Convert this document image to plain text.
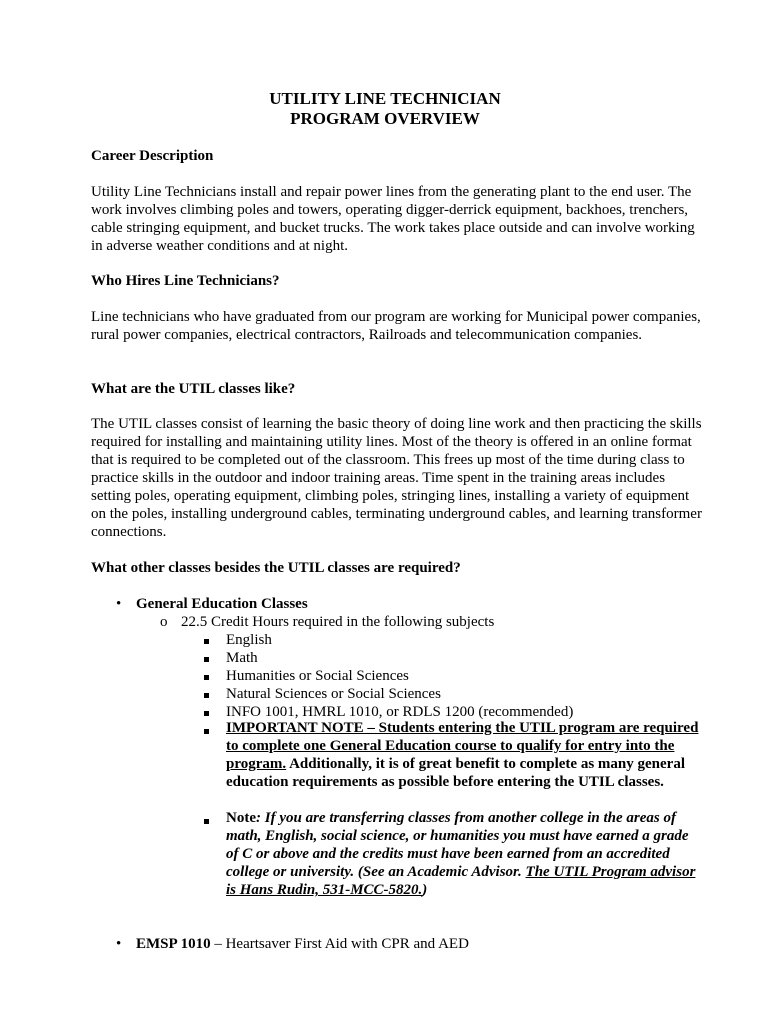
UTILITY LINE TECHNICIAN
PROGRAM OVERVIEW
Career Description
Utility Line Technicians install and repair power lines from the generating plant to the end user. The work involves climbing poles and towers, operating digger-derrick equipment, backhoes, trenchers, cable stringing equipment, and bucket trucks. The work takes place outside and can involve working in adverse weather conditions and at night.
Who Hires Line Technicians?
Line technicians who have graduated from our program are working for Municipal power companies, rural power companies, electrical contractors, Railroads and telecommunication companies.
What are the UTIL classes like?
The UTIL classes consist of learning the basic theory of doing line work and then practicing the skills required for installing and maintaining utility lines. Most of the theory is offered in an online format that is required to be completed out of the classroom. This frees up most of the time during class to practice skills in the outdoor and indoor training areas. Time spent in the training areas includes setting poles, operating equipment, climbing poles, stringing lines, installing a variety of equipment on the poles, installing underground cables, terminating underground cables, and learning transformer connections.
What other classes besides the UTIL classes are required?
• General Education Classes
o 22.5 Credit Hours required in the following subjects
English
Math
Humanities or Social Sciences
Natural Sciences or Social Sciences
INFO 1001, HMRL 1010, or RDLS 1200 (recommended)
IMPORTANT NOTE – Students entering the UTIL program are required to complete one General Education course to qualify for entry into the program. Additionally, it is of great benefit to complete as many general education requirements as possible before entering the UTIL classes.
Note: If you are transferring classes from another college in the areas of math, English, social science, or humanities you must have earned a grade of C or above and the credits must have been earned from an accredited college or university. (See an Academic Advisor. The UTIL Program advisor is Hans Rudin, 531-MCC-5820.)
• EMSP 1010 – Heartsaver First Aid with CPR and AED
